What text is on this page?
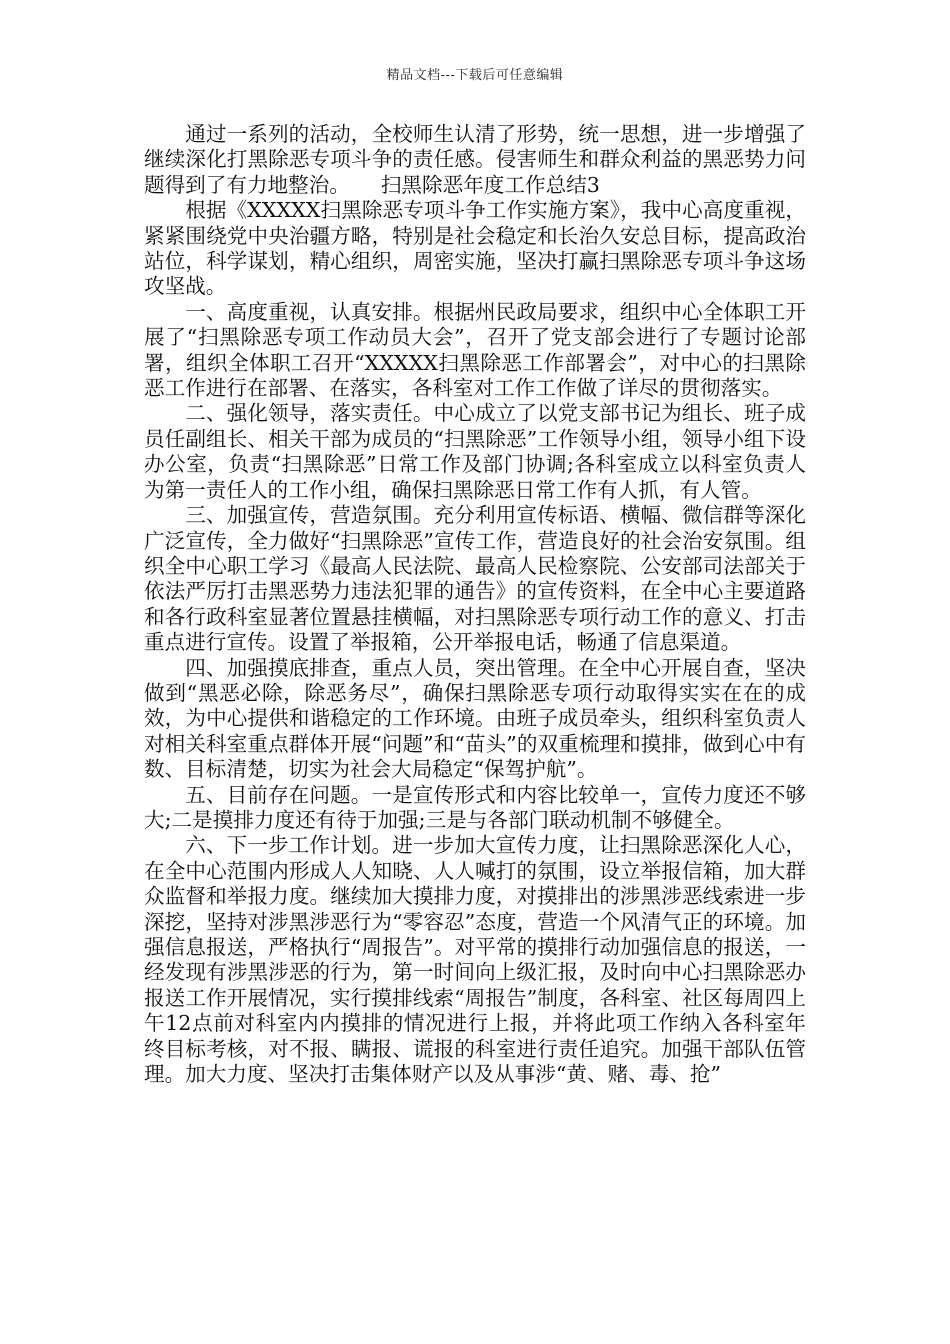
精品文档---下载后可任意编辑

通过一系列的活动，全校师生认清了形势，统一思想，进一步增强了继续深化打黑除恶专项斗争的责任感。侵害师生和群众利益的黑恶势力问题得到了有力地整治。　　扫黑除恶年度工作总结3

根据《XXXXX扫黑除恶专项斗争工作实施方案》，我中心高度重视，紧紧围绕党中央治疆方略，特别是社会稳定和长治久安总目标，提高政治站位，科学谋划，精心组织，周密实施，坚决打赢扫黑除恶专项斗争这场攻坚战。

一、高度重视，认真安排。根据州民政局要求，组织中心全体职工开展了“扫黑除恶专项工作动员大会”，召开了党支部会进行了专题讨论部署，组织全体职工召开“XXXXX扫黑除恶工作部署会”，对中心的扫黑除恶工作进行在部署、在落实，各科室对工作工作做了详尽的贯彻落实。

二、强化领导，落实责任。中心成立了以党支部书记为组长、班子成员任副组长、相关干部为成员的“扫黑除恶”工作领导小组，领导小组下设办公室，负责“扫黑除恶”日常工作及部门协调;各科室成立以科室负责人为第一责任人的工作小组，确保扫黑除恶日常工作有人抓，有人管。

三、加强宣传，营造氛围。充分利用宣传标语、横幅、微信群等深化广泛宣传，全力做好“扫黑除恶”宣传工作，营造良好的社会治安氛围。组织全中心职工学习《最高人民法院、最高人民检察院、公安部司法部关于依法严厉打击黑恶势力违法犯罪的通告》的宣传资料，在全中心主要道路和各行政科室显著位置悬挂横幅，对扫黑除恶专项行动工作的意义、打击重点进行宣传。设置了举报箱，公开举报电话，畅通了信息渠道。

四、加强摸底排查，重点人员，突出管理。在全中心开展自查，坚决做到“黑恶必除，除恶务尽”，确保扫黑除恶专项行动取得实实在在的成效，为中心提供和谐稳定的工作环境。由班子成员牵头，组织科室负责人对相关科室重点群体开展“问题”和“苗头”的双重梳理和摸排，做到心中有数、目标清楚，切实为社会大局稳定“保驾护航”。

五、目前存在问题。一是宣传形式和内容比较单一，宣传力度还不够大;二是摸排力度还有待于加强;三是与各部门联动机制不够健全。

六、下一步工作计划。进一步加大宣传力度，让扫黑除恶深化人心，在全中心范围内形成人人知晓、人人喊打的氛围，设立举报信箱，加大群众监督和举报力度。继续加大摸排力度，对摸排出的涉黑涉恶线索进一步深挖，坚持对涉黑涉恶行为“零容忍”态度，营造一个风清气正的环境。加强信息报送，严格执行“周报告”。对平常的摸排行动加强信息的报送，一经发现有涉黑涉恶的行为，第一时间向上级汇报，及时向中心扫黑除恶办报送工作开展情况，实行摸排线索“周报告”制度，各科室、社区每周四上午12点前对科室内内摸排的情况进行上报，并将此项工作纳入各科室年终目标考核，对不报、瞒报、谎报的科室进行责任追究。加强干部队伍管理。加大力度、坚决打击集体财产以及从事涉“黄、赌、毒、抢”
